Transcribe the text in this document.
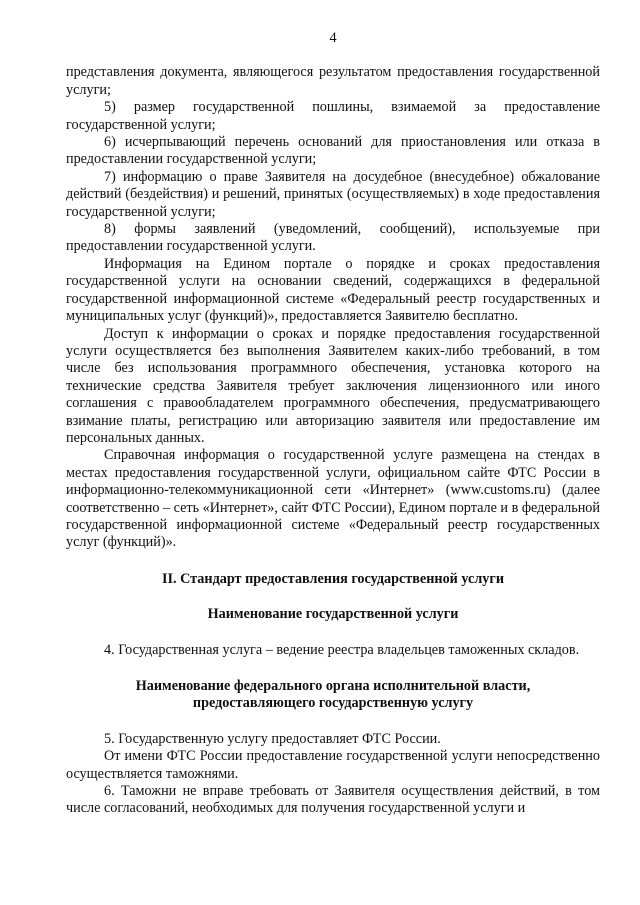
4

представления документа, являющегося результатом предоставления государственной услуги;

5) размер государственной пошлины, взимаемой за предоставление государственной услуги;

6) исчерпывающий перечень оснований для приостановления или отказа в предоставлении государственной услуги;

7) информацию о праве Заявителя на досудебное (внесудебное) обжалование действий (бездействия) и решений, принятых (осуществляемых) в ходе предоставления государственной услуги;

8) формы заявлений (уведомлений, сообщений), используемые при предоставлении государственной услуги.

Информация на Едином портале о порядке и сроках предоставления государственной услуги на основании сведений, содержащихся в федеральной государственной информационной системе «Федеральный реестр государственных и муниципальных услуг (функций)», предоставляется Заявителю бесплатно.

Доступ к информации о сроках и порядке предоставления государственной услуги осуществляется без выполнения Заявителем каких-либо требований, в том числе без использования программного обеспечения, установка которого на технические средства Заявителя требует заключения лицензионного или иного соглашения с правообладателем программного обеспечения, предусматривающего взимание платы, регистрацию или авторизацию заявителя или предоставление им персональных данных.

Справочная информация о государственной услуге размещена на стендах в местах предоставления государственной услуги, официальном сайте ФТС России в информационно-телекоммуникационной сети «Интернет» (www.customs.ru) (далее соответственно – сеть «Интернет», сайт ФТС России), Едином портале и в федеральной государственной информационной системе «Федеральный реестр государственных услуг (функций)».

II. Стандарт предоставления государственной услуги
Наименование государственной услуги

4. Государственная услуга – ведение реестра владельцев таможенных складов.

Наименование федерального органа исполнительной власти,
предоставляющего государственную услугу

5. Государственную услугу предоставляет ФТС России.

От имени ФТС России предоставление государственной услуги непосредственно осуществляется таможнями.

6. Таможни не вправе требовать от Заявителя осуществления действий, в том числе согласований, необходимых для получения государственной услуги и
